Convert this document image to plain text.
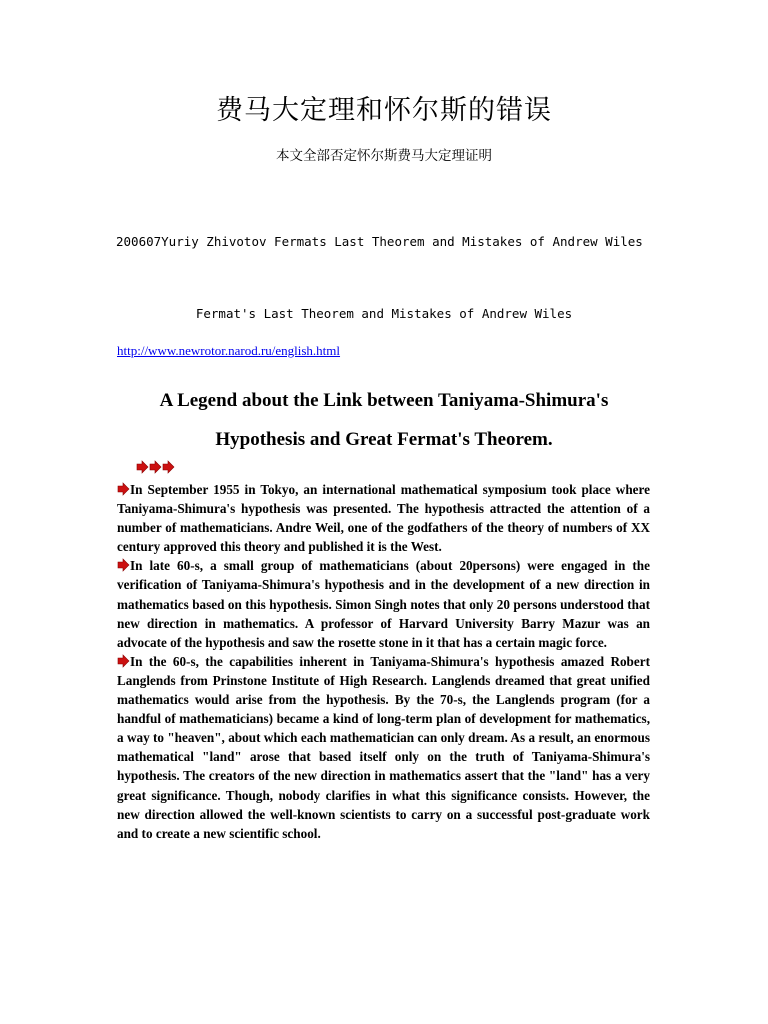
费马大定理和怀尔斯的错误
本文全部否定怀尔斯费马大定理证明
200607Yuriy Zhivotov Fermats Last Theorem and Mistakes of Andrew Wiles
Fermat's Last Theorem and Mistakes of Andrew Wiles
http://www.newrotor.narod.ru/english.html
A Legend about the Link between Taniyama-Shimura's
Hypothesis and Great Fermat's Theorem.

In September 1955 in Tokyo, an international mathematical symposium took place where Taniyama-Shimura's hypothesis was presented. The hypothesis attracted the attention of a number of mathematicians. Andre Weil, one of the godfathers of the theory of numbers of XX century approved this theory and published it is the West.

In late 60-s, a small group of mathematicians (about 20persons) were engaged in the verification of Taniyama-Shimura's hypothesis and in the development of a new direction in mathematics based on this hypothesis. Simon Singh notes that only 20 persons understood that new direction in mathematics. A professor of Harvard University Barry Mazur was an advocate of the hypothesis and saw the rosette stone in it that has a certain magic force.

In the 60-s, the capabilities inherent in Taniyama-Shimura's hypothesis amazed Robert Langlends from Prinstone Institute of High Research. Langlends dreamed that great unified mathematics would arise from the hypothesis. By the 70-s, the Langlends program (for a handful of mathematicians) became a kind of long-term plan of development for mathematics, a way to "heaven", about which each mathematician can only dream. As a result, an enormous mathematical "land" arose that based itself only on the truth of Taniyama-Shimura's hypothesis. The creators of the new direction in mathematics assert that the "land" has a very great significance. Though, nobody clarifies in what this significance consists. However, the new direction allowed the well-known scientists to carry on a successful post-graduate work and to create a new scientific school.
